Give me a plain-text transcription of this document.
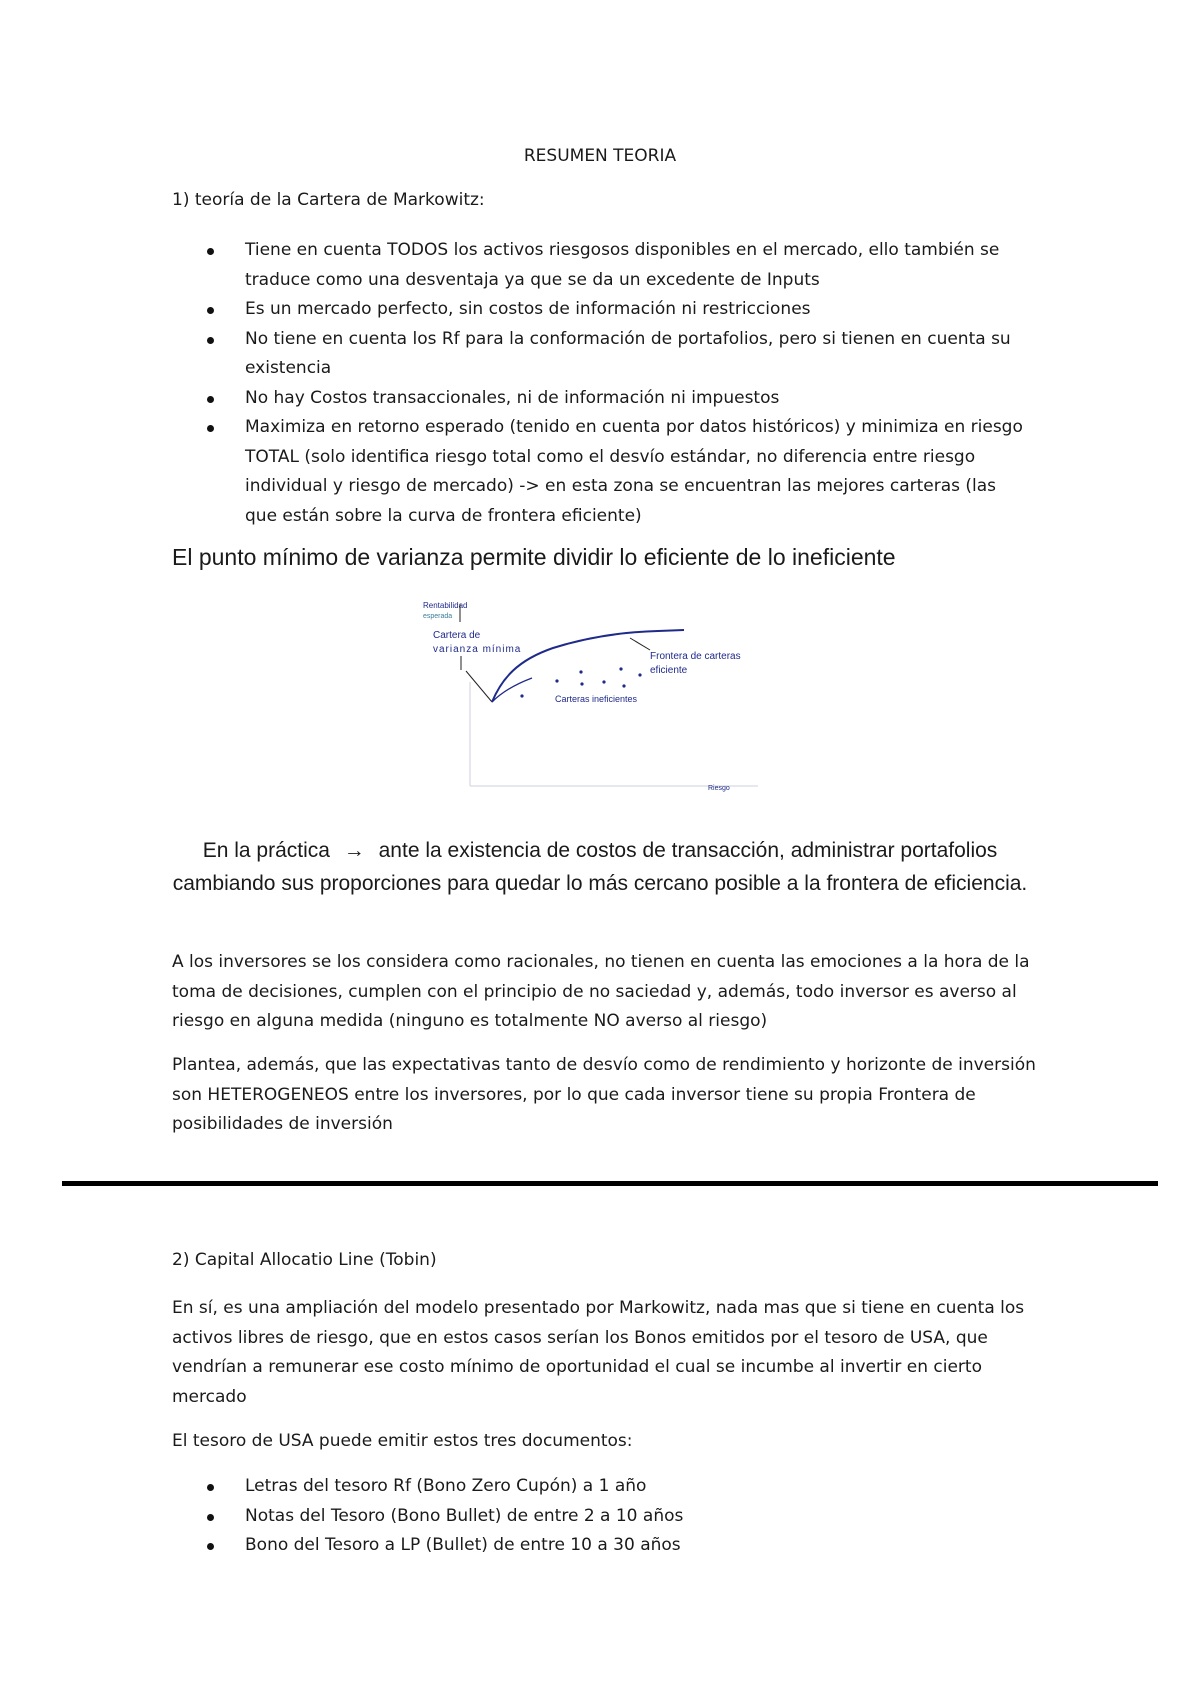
RESUMEN TEORIA
1) teoría de la Cartera de Markowitz:
Tiene en cuenta TODOS los activos riesgosos disponibles en el mercado, ello también se traduce como una desventaja ya que se da un excedente de Inputs
Es un mercado perfecto, sin costos de información ni restricciones
No tiene en cuenta los Rf para la conformación de portafolios, pero si tienen en cuenta su existencia
No hay Costos transaccionales, ni de información ni impuestos
Maximiza en retorno esperado (tenido en cuenta por datos históricos) y minimiza en riesgo TOTAL (solo identifica riesgo total como el desvío estándar, no diferencia entre riesgo individual y riesgo de mercado) -> en esta zona se encuentran las mejores carteras (las que están sobre la curva de frontera eficiente)
El punto mínimo de varianza permite dividir lo eficiente de lo ineficiente
Rentabilidad
esperada
Cartera de
varianza mínima
Frontera de carteras
eficiente
Carteras ineficientes
Riesgo
En la práctica → ante la existencia de costos de transacción, administrar portafolios cambiando sus proporciones para quedar lo más cercano posible a la frontera de eficiencia.
A los inversores se los considera como racionales, no tienen en cuenta las emociones a la hora de la toma de decisiones, cumplen con el principio de no saciedad y, además, todo inversor es averso al riesgo en alguna medida (ninguno es totalmente NO averso al riesgo)
Plantea, además, que las expectativas tanto de desvío como de rendimiento y horizonte de inversión son HETEROGENEOS entre los inversores, por lo que cada inversor tiene su propia Frontera de posibilidades de inversión
2) Capital Allocatio Line (Tobin)
En sí, es una ampliación del modelo presentado por Markowitz, nada mas que si tiene en cuenta los activos libres de riesgo, que en estos casos serían los Bonos emitidos por el tesoro de USA, que vendrían a remunerar ese costo mínimo de oportunidad el cual se incumbe al invertir en cierto mercado
El tesoro de USA puede emitir estos tres documentos:
Letras del tesoro Rf (Bono Zero Cupón) a 1 año
Notas del Tesoro (Bono Bullet) de entre 2 a 10 años
Bono del Tesoro a LP (Bullet) de entre 10 a 30 años
